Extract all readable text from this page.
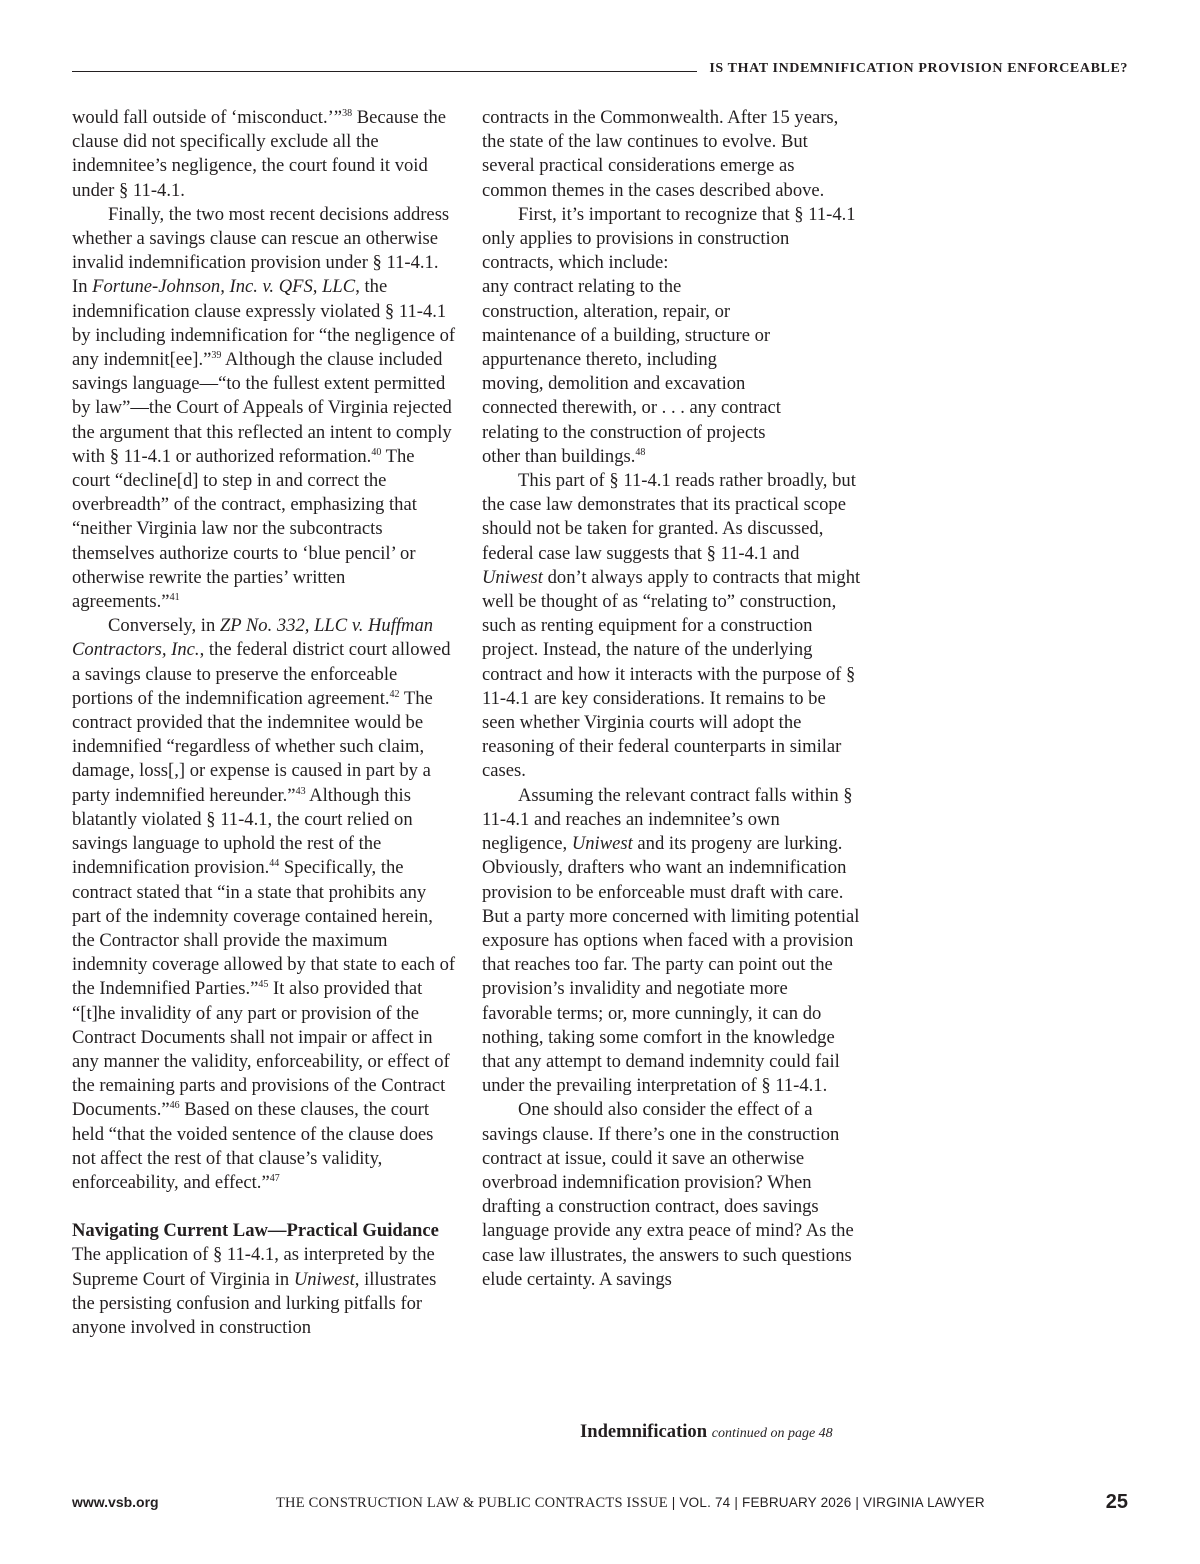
IS THAT INDEMNIFICATION PROVISION ENFORCEABLE?

would fall outside of ‘misconduct.’”$^{38}$ Because the clause did not specifically exclude all the indemnitee’s negligence, the court found it void under § 11-4.1.

Finally, the two most recent decisions address whether a savings clause can rescue an otherwise invalid indemnification provision under § 11-4.1. In Fortune-Johnson, Inc. v. QFS, LLC, the indemnification clause expressly violated § 11-4.1 by including indemnification for “the negligence of any indemnit[ee].”$^{39}$ Although the clause included savings language—“to the fullest extent permitted by law”—the Court of Appeals of Virginia rejected the argument that this reflected an intent to comply with § 11-4.1 or authorized reformation.$^{40}$ The court “decline[d] to step in and correct the overbreadth” of the contract, emphasizing that “neither Virginia law nor the subcontracts themselves authorize courts to ‘blue pencil’ or otherwise rewrite the parties’ written agreements.”$^{41}$

Conversely, in ZP No. 332, LLC v. Huffman Contractors, Inc., the federal district court allowed a savings clause to preserve the enforceable portions of the indemnification agreement.$^{42}$ The contract provided that the indemnitee would be indemnified “regardless of whether such claim, damage, loss[,] or expense is caused in part by a party indemnified hereunder.”$^{43}$ Although this blatantly violated § 11-4.1, the court relied on savings language to uphold the rest of the indemnification provision.$^{44}$ Specifically, the contract stated that “in a state that prohibits any part of the indemnity coverage contained herein, the Contractor shall provide the maximum indemnity coverage allowed by that state to each of the Indemnified Parties.”$^{45}$ It also provided that “[t]he invalidity of any part or provision of the Contract Documents shall not impair or affect in any manner the validity, enforceability, or effect of the remaining parts and provisions of the Contract Documents.”$^{46}$ Based on these clauses, the court held “that the voided sentence of the clause does not affect the rest of that clause’s validity, enforceability, and effect.”$^{47}$

Navigating Current Law—Practical Guidance

The application of § 11-4.1, as interpreted by the Supreme Court of Virginia in Uniwest, illustrates the persisting confusion and lurking pitfalls for anyone involved in construction

contracts in the Commonwealth. After 15 years, the state of the law continues to evolve. But several practical considerations emerge as common themes in the cases described above.

First, it’s important to recognize that § 11-4.1 only applies to provisions in construction contracts, which include:

any contract relating to the construction, alteration, repair, or maintenance of a building, structure or appurtenance thereto, including moving, demolition and excavation connected therewith, or . . . any contract relating to the construction of projects other than buildings.$^{48}$

This part of § 11-4.1 reads rather broadly, but the case law demonstrates that its practical scope should not be taken for granted. As discussed, federal case law suggests that § 11-4.1 and Uniwest don’t always apply to contracts that might well be thought of as “relating to” construction, such as renting equipment for a construction project. Instead, the nature of the underlying contract and how it interacts with the purpose of § 11-4.1 are key considerations. It remains to be seen whether Virginia courts will adopt the reasoning of their federal counterparts in similar cases.

Assuming the relevant contract falls within § 11-4.1 and reaches an indemnitee’s own negligence, Uniwest and its progeny are lurking. Obviously, drafters who want an indemnification provision to be enforceable must draft with care. But a party more concerned with limiting potential exposure has options when faced with a provision that reaches too far. The party can point out the provision’s invalidity and negotiate more favorable terms; or, more cunningly, it can do nothing, taking some comfort in the knowledge that any attempt to demand indemnity could fail under the prevailing interpretation of § 11-4.1.

One should also consider the effect of a savings clause. If there’s one in the construction contract at issue, could it save an otherwise overbroad indemnification provision? When drafting a construction contract, does savings language provide any extra peace of mind? As the case law illustrates, the answers to such questions elude certainty. A savings

Indemnification continued on page 48
www.vsb.org	THE CONSTRUCTION LAW & PUBLIC CONTRACTS ISSUE | VOL. 74 | FEBRUARY 2026 | VIRGINIA LAWYER	25
